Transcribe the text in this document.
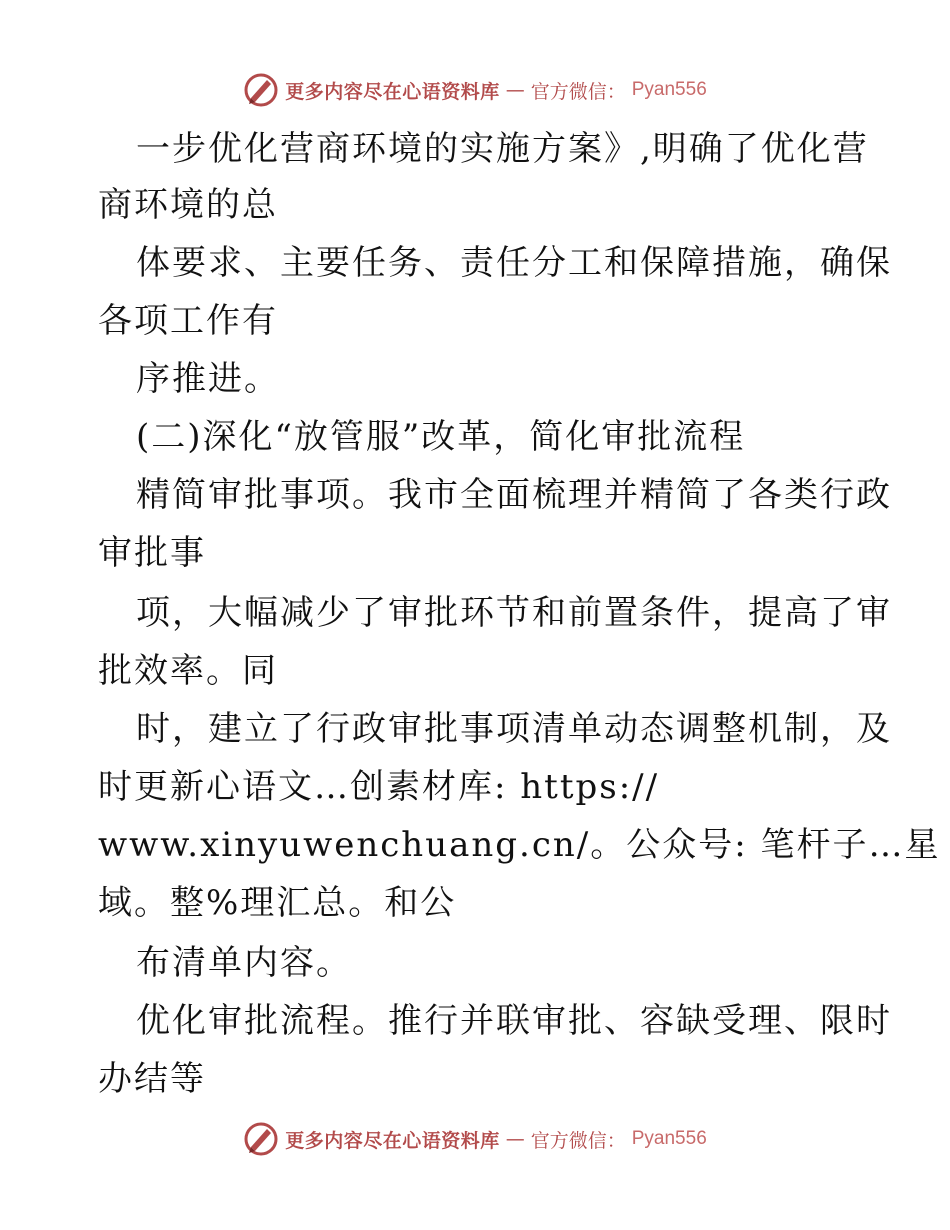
更多内容尽在心语资料库 — 官方微信： Pyan556
一步优化营商环境的实施方案》,明确了优化营
商环境的总
体要求、主要任务、责任分工和保障措施，确保
各项工作有
序推进。
(二)深化“放管服”改革，简化审批流程
精简审批事项。我市全面梳理并精简了各类行政
审批事
项，大幅减少了审批环节和前置条件，提高了审
批效率。同
时，建立了行政审批事项清单动态调整机制，及
时更新心语文…创素材库: https://
www.xinyuwenchuang.cn/。公众号: 笔杆子…星
域。整%理汇总。和公
布清单内容。
优化审批流程。推行并联审批、容缺受理、限时
办结等
更多内容尽在心语资料库 — 官方微信： Pyan556
